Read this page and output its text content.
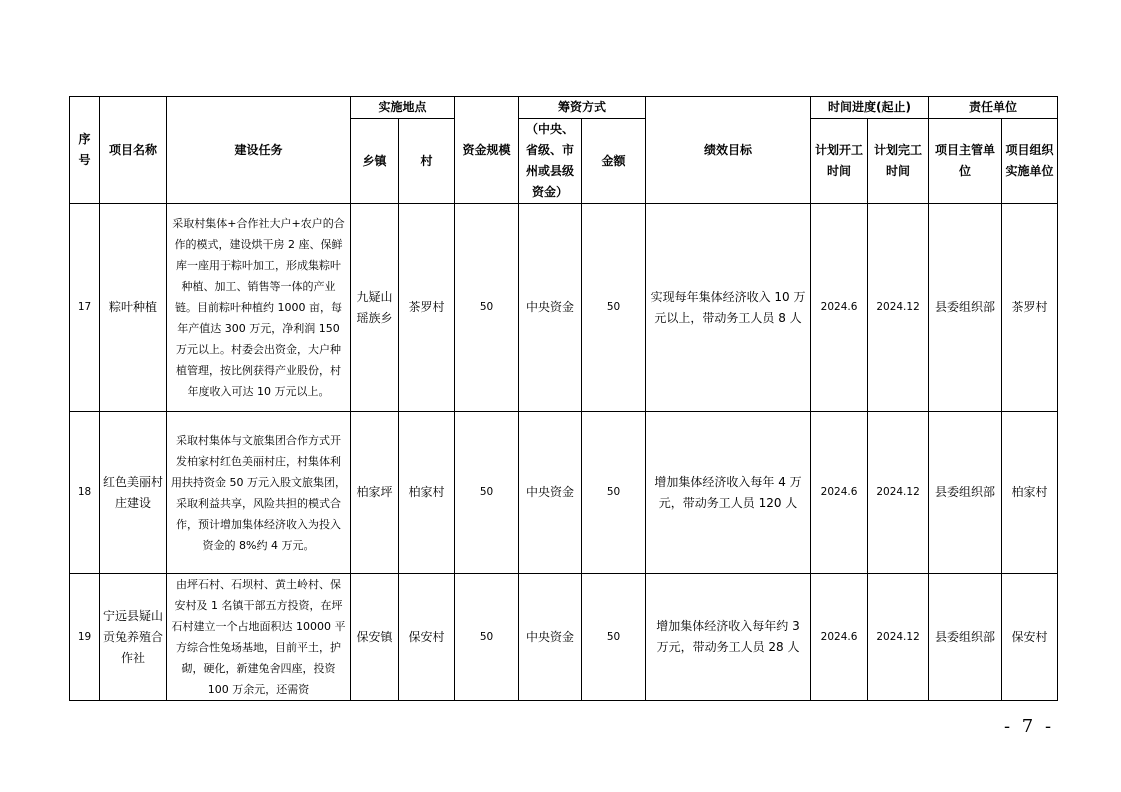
序号	项目名称	建设任务	实施地点		资金规模	筹资方式		绩效目标	时间进度(起止)		责任单位	
			乡镇	村		（中央、省级、市州或县级资金）	金额		计划开工时间	计划完工时间	项目主管单位	项目组织实施单位
17	粽叶种植	采取村集体+合作社大户+农户的合作的模式，建设烘干房 2 座、保鲜库一座用于粽叶加工，形成集粽叶种植、加工、销售等一体的产业链。目前粽叶种植约 1000 亩，每年产值达 300 万元，净利润 150 万元以上。村委会出资金，大户种植管理，按比例获得产业股份，村年度收入可达 10 万元以上。	九疑山瑶族乡	茶罗村	50	中央资金	50	实现每年集体经济收入 10 万元以上，带动务工人员 8 人	2024.6	2024.12	县委组织部	茶罗村
18	红色美丽村庄建设	采取村集体与文旅集团合作方式开发柏家村红色美丽村庄，村集体利用扶持资金 50 万元入股文旅集团，采取利益共享，风险共担的模式合作，预计增加集体经济收入为投入资金的 8%约 4 万元。	柏家坪	柏家村	50	中央资金	50	增加集体经济收入每年 4 万元，带动务工人员 120 人	2024.6	2024.12	县委组织部	柏家村
19	宁远县疑山贡兔养殖合作社	由坪石村、石坝村、黄土岭村、保安村及 1 名镇干部五方投资，在坪石村建立一个占地面积达 10000 平方综合性兔场基地，目前平土，护砌，硬化，新建兔舍四座，投资 100 万余元，还需资	保安镇	保安村	50	中央资金	50	增加集体经济收入每年约 3 万元，带动务工人员 28 人	2024.6	2024.12	县委组织部	保安村
- 7 -
